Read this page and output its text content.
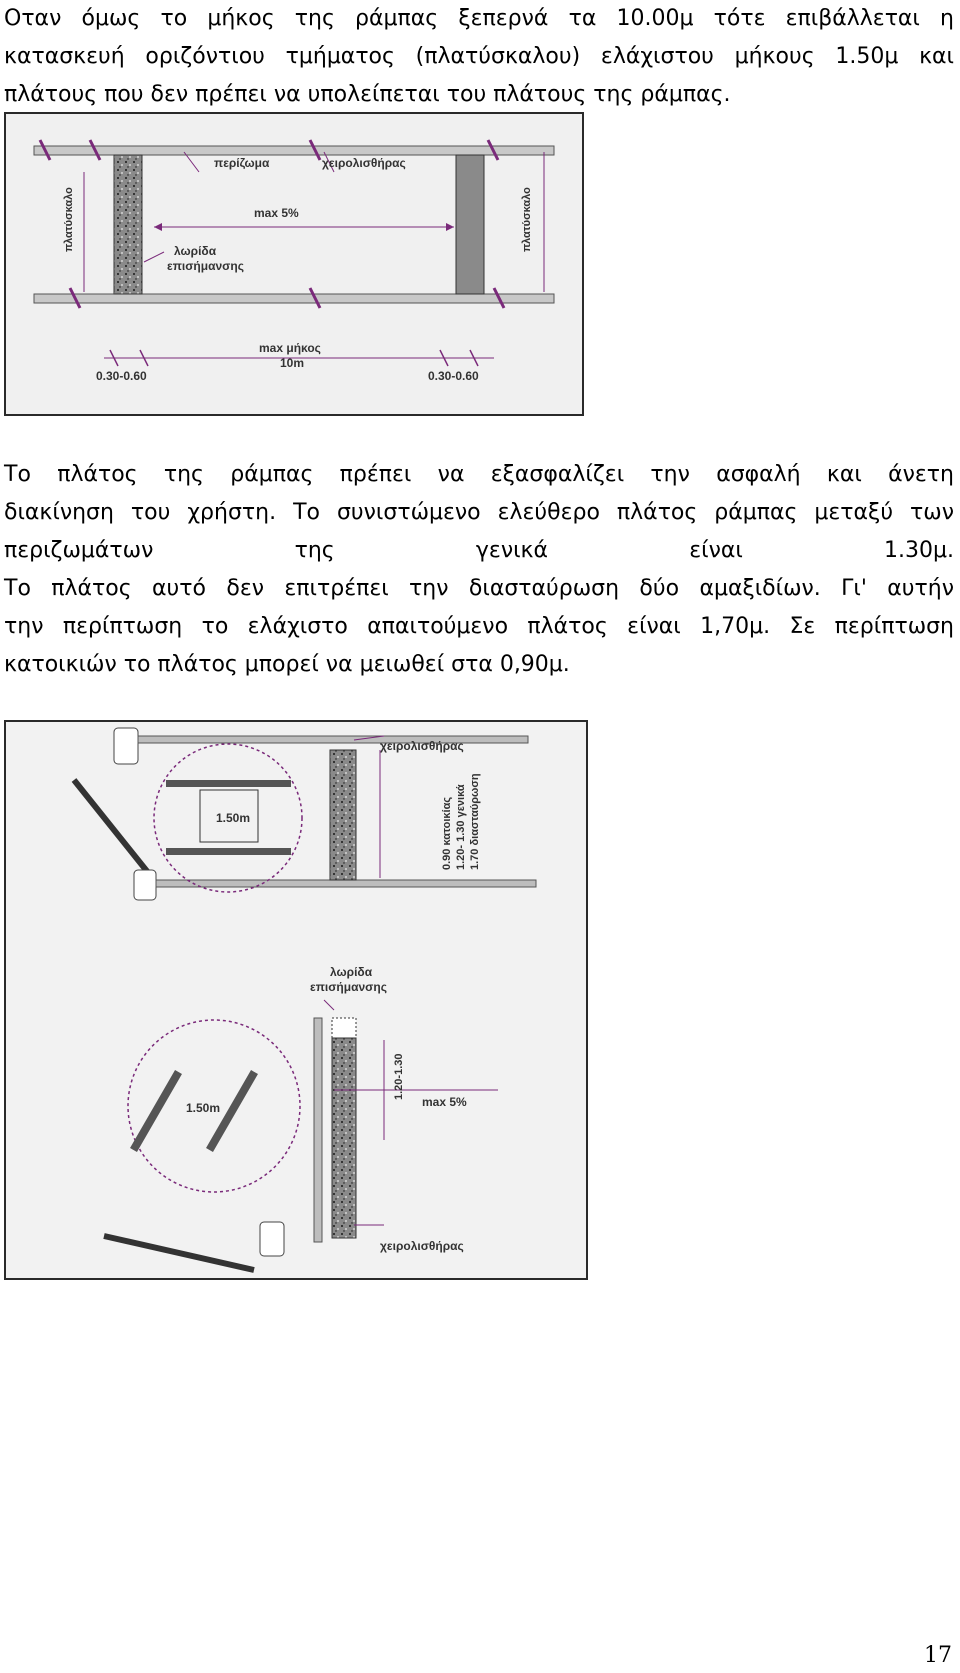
Οταν όμως το μήκος της ράμπας ξεπερνά τα 10.00μ τότε επιβάλλεται η
κατασκευή οριζόντιου τμήματος (πλατύσκαλου) ελάχιστου μήκους 1.50μ και
πλάτους που δεν πρέπει να υπολείπεται του πλάτους της ράμπας.

πλατύσκαλο	πλατύσκαλο
περίζωμα	χειρολισθήρας
max 5%
λωρίδα
επισήμανσης
max μήκος
10m
0.30-0.60	0.30-0.60

Το πλάτος της ράμπας πρέπει να εξασφαλίζει την ασφαλή και άνετη
διακίνηση του χρήστη. Το συνιστώμενο ελεύθερο πλάτος ράμπας μεταξύ των
περιζωμάτων της γενικά είναι 1.30μ.
Το πλάτος αυτό δεν επιτρέπει την διασταύρωση δύο αμαξιδίων. Γι' αυτήν
την περίπτωση το ελάχιστο απαιτούμενο πλάτος είναι 1,70μ. Σε περίπτωση
κατοικιών το πλάτος μπορεί να μειωθεί στα 0,90μ.

χειρολισθήρας
1.50m	0.90 κατοικίας 1.20- 1.30 γενικά 1.70 διασταύρωση
λωρίδα
επισήμανσης
1.50m
1.20-1.30
max 5%
χειρολισθήρας
17
